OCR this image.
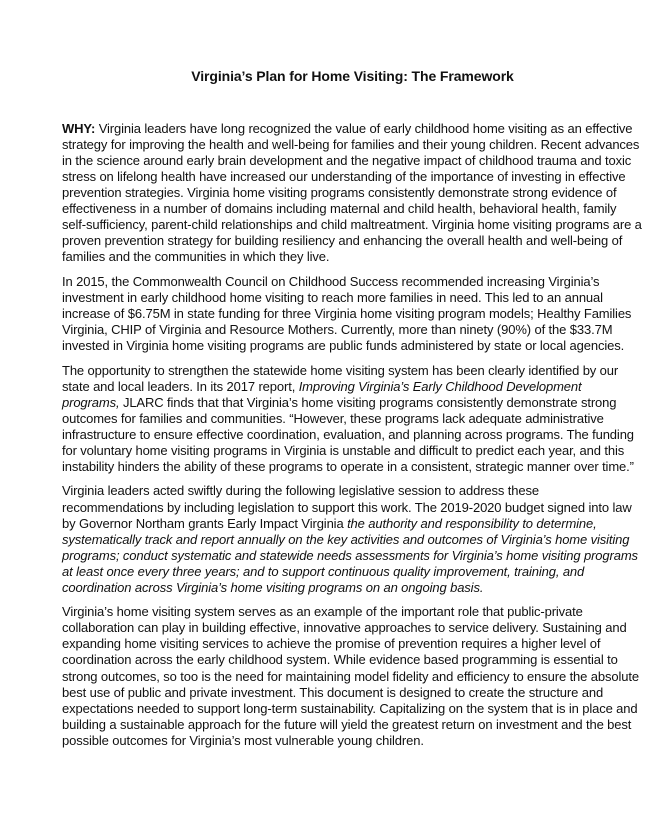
Virginia’s Plan for Home Visiting: The Framework

WHY: Virginia leaders have long recognized the value of early childhood home visiting as an effective strategy for improving the health and well-being for families and their young children. Recent advances in the science around early brain development and the negative impact of childhood trauma and toxic stress on lifelong health have increased our understanding of the importance of investing in effective prevention strategies. Virginia home visiting programs consistently demonstrate strong evidence of effectiveness in a number of domains including maternal and child health, behavioral health, family self-sufficiency, parent-child relationships and child maltreatment. Virginia home visiting programs are a proven prevention strategy for building resiliency and enhancing the overall health and well-being of families and the communities in which they live.

In 2015, the Commonwealth Council on Childhood Success recommended increasing Virginia’s investment in early childhood home visiting to reach more families in need. This led to an annual increase of $6.75M in state funding for three Virginia home visiting program models; Healthy Families Virginia, CHIP of Virginia and Resource Mothers. Currently, more than ninety (90%) of the $33.7M invested in Virginia home visiting programs are public funds administered by state or local agencies.

The opportunity to strengthen the statewide home visiting system has been clearly identified by our state and local leaders. In its 2017 report, Improving Virginia’s Early Childhood Development programs, JLARC finds that that Virginia’s home visiting programs consistently demonstrate strong outcomes for families and communities. “However, these programs lack adequate administrative infrastructure to ensure effective coordination, evaluation, and planning across programs. The funding for voluntary home visiting programs in Virginia is unstable and difficult to predict each year, and this instability hinders the ability of these programs to operate in a consistent, strategic manner over time.”

Virginia leaders acted swiftly during the following legislative session to address these recommendations by including legislation to support this work. The 2019-2020 budget signed into law by Governor Northam grants Early Impact Virginia the authority and responsibility to determine, systematically track and report annually on the key activities and outcomes of Virginia’s home visiting programs; conduct systematic and statewide needs assessments for Virginia’s home visiting programs at least once every three years; and to support continuous quality improvement, training, and coordination across Virginia’s home visiting programs on an ongoing basis.

Virginia’s home visiting system serves as an example of the important role that public-private collaboration can play in building effective, innovative approaches to service delivery. Sustaining and expanding home visiting services to achieve the promise of prevention requires a higher level of coordination across the early childhood system. While evidence based programming is essential to strong outcomes, so too is the need for maintaining model fidelity and efficiency to ensure the absolute best use of public and private investment. This document is designed to create the structure and expectations needed to support long-term sustainability. Capitalizing on the system that is in place and building a sustainable approach for the future will yield the greatest return on investment and the best possible outcomes for Virginia’s most vulnerable young children.
